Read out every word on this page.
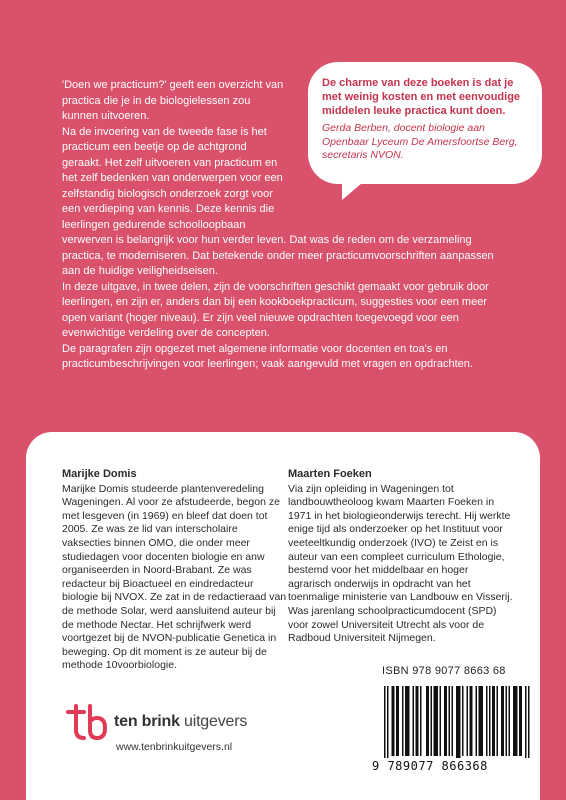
'Doen we practicum?' geeft een overzicht van practica die je in de biologielessen zou kunnen uitvoeren.

Na de invoering van de tweede fase is het practicum een beetje op de achtgrond geraakt. Het zelf uitvoeren van practicum en het zelf bedenken van onderwerpen voor een zelfstandig biologisch onderzoek zorgt voor een verdieping van kennis. Deze kennis die leerlingen gedurende schoolloopbaan

verwerven is belangrijk voor hun verder leven. Dat was de reden om de verzameling practica, te moderniseren. Dat betekende onder meer practicumvoorschriften aanpassen aan de huidige veiligheidseisen.

In deze uitgave, in twee delen, zijn de voorschriften geschikt gemaakt voor gebruik door leerlingen, en zijn er, anders dan bij een kookboekpracticum, suggesties voor een meer open variant (hoger niveau). Er zijn veel nieuwe opdrachten toegevoegd voor een evenwichtige verdeling over de concepten.

De paragrafen zijn opgezet met algemene informatie voor docenten en toa's en practicumbeschrijvingen voor leerlingen; vaak aangevuld met vragen en opdrachten.

De charme van deze boeken is dat je met weinig kosten en met eenvoudige middelen leuke practica kunt doen.

Gerda Berben, docent biologie aan Openbaar Lyceum De Amersfoortse Berg, secretaris NVON.

Marijke Domis
Marijke Domis studeerde plantenveredeling Wageningen. Al voor ze afstudeerde, begon ze met lesgeven (in 1969) en bleef dat doen tot 2005. Ze was ze lid van interscholaire vaksecties binnen OMO, die onder meer studiedagen voor docenten biologie en anw organiseerden in Noord-Brabant. Ze was redacteur bij Bioactueel en eindredacteur biologie bij NVOX. Ze zat in de redactieraad van de methode Solar, werd aansluitend auteur bij de methode Nectar. Het schrijfwerk werd voortgezet bij de NVON-publicatie Genetica in beweging. Op dit moment is ze auteur bij de methode 10voorbiologie.
Maarten Foeken
Via zijn opleiding in Wageningen tot landbouwtheoloog kwam Maarten Foeken in 1971 in het biologieonderwijs terecht. Hij werkte enige tijd als onderzoeker op het Instituut voor veeteeltkundig onderzoek (IVO) te Zeist en is auteur van een compleet curriculum Ethologie, bestemd voor het middelbaar en hoger agrarisch onderwijs in opdracht van het toenmalige ministerie van Landbouw en Visserij. Was jarenlang schoolpracticumdocent (SPD) voor zowel Universiteit Utrecht als voor de Radboud Universiteit Nijmegen.
ten brink uitgevers
www.tenbrinkuitgevers.nl
ISBN 978 9077 8663 68
9 789077 866368
